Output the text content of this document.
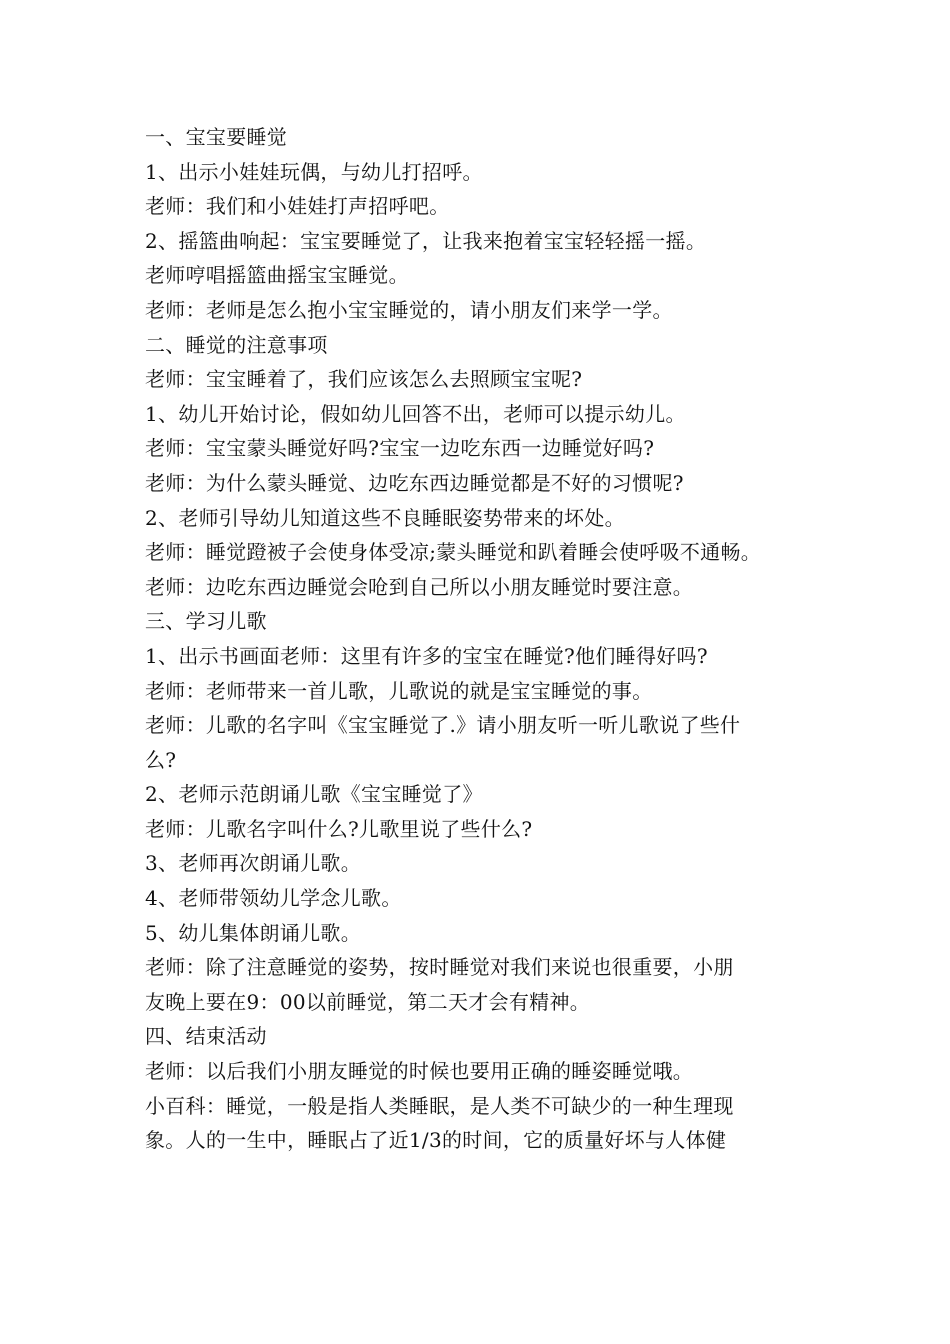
一、宝宝要睡觉

1、出示小娃娃玩偶，与幼儿打招呼。

老师：我们和小娃娃打声招呼吧。

2、摇篮曲响起：宝宝要睡觉了，让我来抱着宝宝轻轻摇一摇。

老师哼唱摇篮曲摇宝宝睡觉。

老师：老师是怎么抱小宝宝睡觉的，请小朋友们来学一学。

二、睡觉的注意事项

老师：宝宝睡着了，我们应该怎么去照顾宝宝呢?

1、幼儿开始讨论，假如幼儿回答不出，老师可以提示幼儿。

老师：宝宝蒙头睡觉好吗?宝宝一边吃东西一边睡觉好吗?

老师：为什么蒙头睡觉、边吃东西边睡觉都是不好的习惯呢?

2、老师引导幼儿知道这些不良睡眠姿势带来的坏处。

老师：睡觉蹬被子会使身体受凉;蒙头睡觉和趴着睡会使呼吸不通畅。

老师：边吃东西边睡觉会呛到自己所以小朋友睡觉时要注意。

三、学习儿歌

1、出示书画面老师：这里有许多的宝宝在睡觉?他们睡得好吗?

老师：老师带来一首儿歌，儿歌说的就是宝宝睡觉的事。

老师：儿歌的名字叫《宝宝睡觉了.》请小朋友听一听儿歌说了些什

么?

2、老师示范朗诵儿歌《宝宝睡觉了》

老师：儿歌名字叫什么?儿歌里说了些什么?

3、老师再次朗诵儿歌。

4、老师带领幼儿学念儿歌。

5、幼儿集体朗诵儿歌。

老师：除了注意睡觉的姿势，按时睡觉对我们来说也很重要，小朋

友晚上要在9：00以前睡觉，第二天才会有精神。

四、结束活动

老师：以后我们小朋友睡觉的时候也要用正确的睡姿睡觉哦。

小百科：睡觉，一般是指人类睡眠，是人类不可缺少的一种生理现

象。人的一生中，睡眠占了近1/3的时间，它的质量好坏与人体健
